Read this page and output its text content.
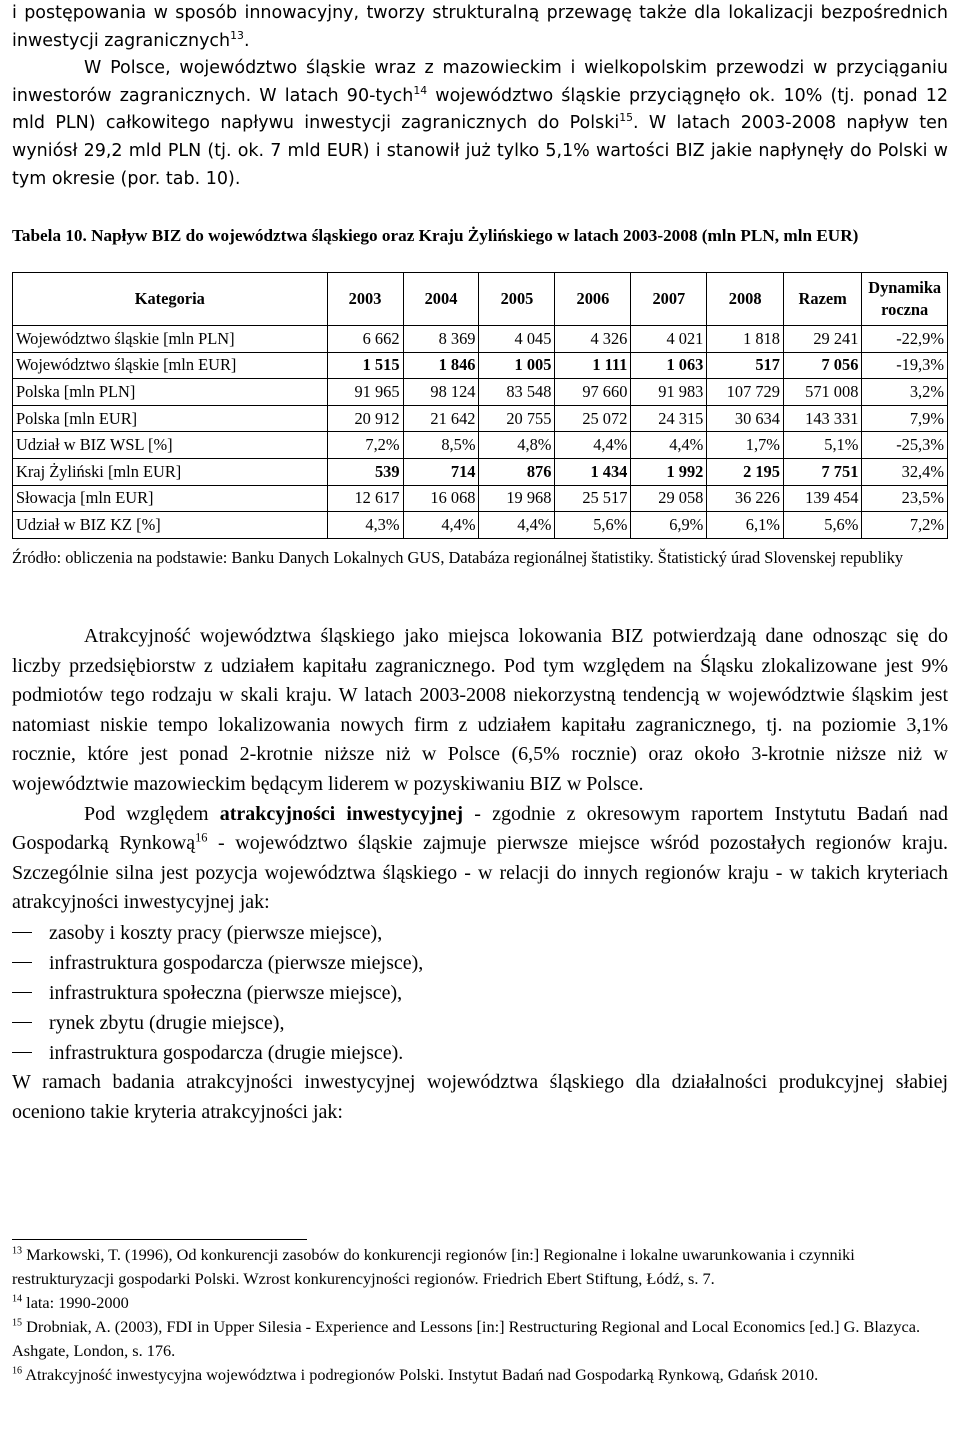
i postępowania w sposób innowacyjny, tworzy strukturalną przewagę także dla lokalizacji bezpośrednich inwestycji zagranicznych$^{13}$.

W Polsce, województwo śląskie wraz z mazowieckim i wielkopolskim przewodzi w przyciąganiu inwestorów zagranicznych. W latach 90-tych$^{14}$ województwo śląskie przyciągnęło ok. 10% (tj. ponad 12 mld PLN) całkowitego napływu inwestycji zagranicznych do Polski$^{15}$. W latach 2003-2008 napływ ten wyniósł 29,2 mld PLN (tj. ok. 7 mld EUR) i stanowił już tylko 5,1% wartości BIZ jakie napłynęły do Polski w tym okresie (por. tab. 10).

Tabela 10. Napływ BIZ do województwa śląskiego oraz Kraju Żylińskiego w latach 2003-2008 (mln PLN, mln EUR)
Kategoria	2003	2004	2005	2006	2007	2008	Razem	Dynamika roczna
Województwo śląskie [mln PLN]	6 662	8 369	4 045	4 326	4 021	1 818	29 241	-22,9%
Województwo śląskie [mln EUR]	1 515	1 846	1 005	1 111	1 063	517	7 056	-19,3%
Polska [mln PLN]	91 965	98 124	83 548	97 660	91 983	107 729	571 008	3,2%
Polska [mln EUR]	20 912	21 642	20 755	25 072	24 315	30 634	143 331	7,9%
Udział w BIZ WSL [%]	7,2%	8,5%	4,8%	4,4%	4,4%	1,7%	5,1%	-25,3%
Kraj Żyliński [mln EUR]	539	714	876	1 434	1 992	2 195	7 751	32,4%
Słowacja [mln EUR]	12 617	16 068	19 968	25 517	29 058	36 226	139 454	23,5%
Udział w BIZ KZ [%]	4,3%	4,4%	4,4%	5,6%	6,9%	6,1%	5,6%	7,2%
Źródło: obliczenia na podstawie: Banku Danych Lokalnych GUS, Databáza regionálnej štatistiky. Štatistický úrad Slovenskej republiky

Atrakcyjność województwa śląskiego jako miejsca lokowania BIZ potwierdzają dane odnosząc się do liczby przedsiębiorstw z udziałem kapitału zagranicznego. Pod tym względem na Śląsku zlokalizowane jest 9% podmiotów tego rodzaju w skali kraju. W latach 2003-2008 niekorzystną tendencją w województwie śląskim jest natomiast niskie tempo lokalizowania nowych firm z udziałem kapitału zagranicznego, tj. na poziomie 3,1% rocznie, które jest ponad 2-krotnie niższe niż w Polsce (6,5% rocznie) oraz około 3-krotnie niższe niż w województwie mazowieckim będącym liderem w pozyskiwaniu BIZ w Polsce.

Pod względem atrakcyjności inwestycyjnej - zgodnie z okresowym raportem Instytutu Badań nad Gospodarką Rynkową$^{16}$ - województwo śląskie zajmuje pierwsze miejsce wśród pozostałych regionów kraju. Szczególnie silna jest pozycja województwa śląskiego - w relacji do innych regionów kraju - w takich kryteriach atrakcyjności inwestycyjnej jak:

zasoby i koszty pracy (pierwsze miejsce),
infrastruktura gospodarcza (pierwsze miejsce),
infrastruktura społeczna (pierwsze miejsce),
rynek zbytu (drugie miejsce),
infrastruktura gospodarcza (drugie miejsce).

W ramach badania atrakcyjności inwestycyjnej województwa śląskiego dla działalności produkcyjnej słabiej oceniono takie kryteria atrakcyjności jak:

$^{13}$ Markowski, T. (1996), Od konkurencji zasobów do konkurencji regionów [in:] Regionalne i lokalne uwarunkowania i czynniki restrukturyzacji gospodarki Polski. Wzrost konkurencyjności regionów. Friedrich Ebert Stiftung, Łódź, s. 7.

$^{14}$ lata: 1990-2000

$^{15}$ Drobniak, A. (2003), FDI in Upper Silesia - Experience and Lessons [in:] Restructuring Regional and Local Economics [ed.] G. Blazyca. Ashgate, London, s. 176.

$^{16}$ Atrakcyjność inwestycyjna województwa i podregionów Polski. Instytut Badań nad Gospodarką Rynkową, Gdańsk 2010.
